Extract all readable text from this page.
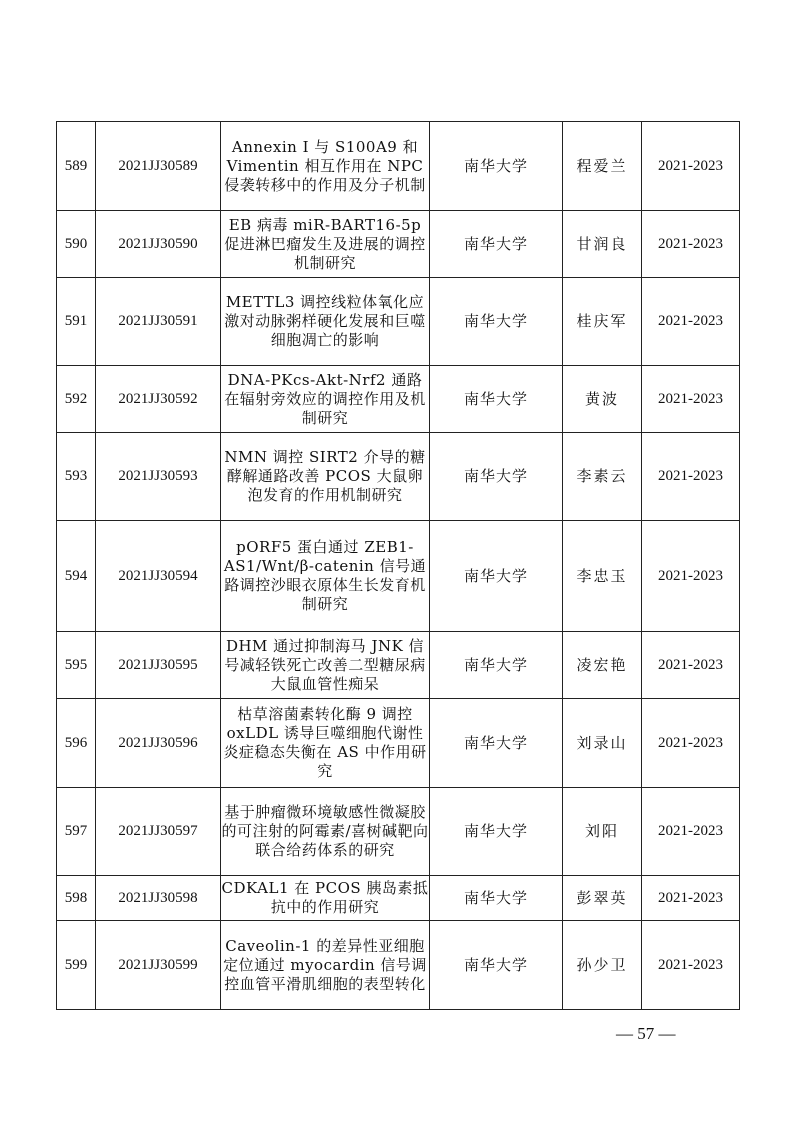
589	2021JJ30589	Annexin I 与 S100A9 和 Vimentin 相互作用在 NPC 侵袭转移中的作用及分子机制	南华大学	程爱兰	2021-2023
590	2021JJ30590	EB 病毒 miR-BART16-5p 促进淋巴瘤发生及进展的调控机制研究	南华大学	甘润良	2021-2023
591	2021JJ30591	METTL3 调控线粒体氧化应激对动脉粥样硬化发展和巨噬细胞凋亡的影响	南华大学	桂庆军	2021-2023
592	2021JJ30592	DNA-PKcs-Akt-Nrf2 通路在辐射旁效应的调控作用及机制研究	南华大学	黄波	2021-2023
593	2021JJ30593	NMN 调控 SIRT2 介导的糖酵解通路改善 PCOS 大鼠卵泡发育的作用机制研究	南华大学	李素云	2021-2023
594	2021JJ30594	pORF5 蛋白通过 ZEB1-AS1/Wnt/β-catenin 信号通路调控沙眼衣原体生长发育机制研究	南华大学	李忠玉	2021-2023
595	2021JJ30595	DHM 通过抑制海马 JNK 信号减轻铁死亡改善二型糖尿病大鼠血管性痴呆	南华大学	凌宏艳	2021-2023
596	2021JJ30596	枯草溶菌素转化酶 9 调控 oxLDL 诱导巨噬细胞代谢性炎症稳态失衡在 AS 中作用研究	南华大学	刘录山	2021-2023
597	2021JJ30597	基于肿瘤微环境敏感性微凝胶的可注射的阿霉素/喜树碱靶向联合给药体系的研究	南华大学	刘阳	2021-2023
598	2021JJ30598	CDKAL1 在 PCOS 胰岛素抵抗中的作用研究	南华大学	彭翠英	2021-2023
599	2021JJ30599	Caveolin-1 的差异性亚细胞定位通过 myocardin 信号调控血管平滑肌细胞的表型转化	南华大学	孙少卫	2021-2023
— 57 —
